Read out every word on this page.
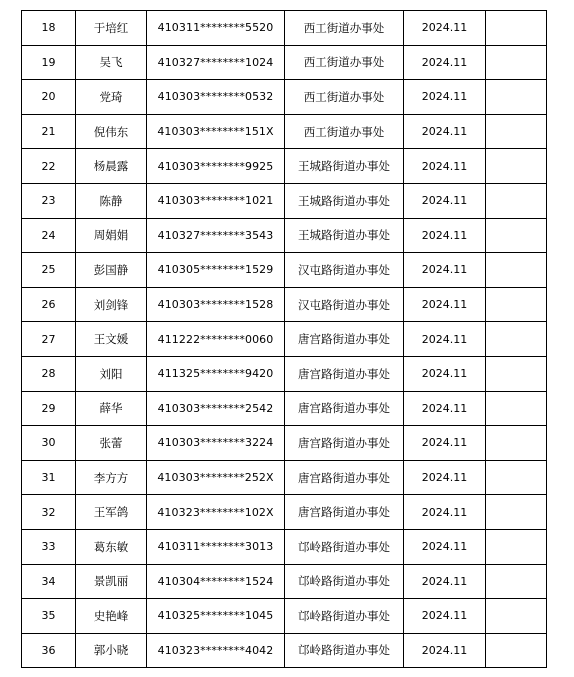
18	于培红	410311********5520	西工街道办事处	2024.11	
19	吴飞	410327********1024	西工街道办事处	2024.11	
20	党琦	410303********0532	西工街道办事处	2024.11	
21	倪伟东	410303********151X	西工街道办事处	2024.11	
22	杨晨露	410303********9925	王城路街道办事处	2024.11	
23	陈静	410303********1021	王城路街道办事处	2024.11	
24	周娟娟	410327********3543	王城路街道办事处	2024.11	
25	彭国静	410305********1529	汉屯路街道办事处	2024.11	
26	刘剑锋	410303********1528	汉屯路街道办事处	2024.11	
27	王文媛	411222********0060	唐宫路街道办事处	2024.11	
28	刘阳	411325********9420	唐宫路街道办事处	2024.11	
29	薛华	410303********2542	唐宫路街道办事处	2024.11	
30	张蕾	410303********3224	唐宫路街道办事处	2024.11	
31	李方方	410303********252X	唐宫路街道办事处	2024.11	
32	王军鸽	410323********102X	唐宫路街道办事处	2024.11	
33	葛东敏	410311********3013	邙岭路街道办事处	2024.11	
34	景凯丽	410304********1524	邙岭路街道办事处	2024.11	
35	史艳峰	410325********1045	邙岭路街道办事处	2024.11	
36	郭小晓	410323********4042	邙岭路街道办事处	2024.11	
